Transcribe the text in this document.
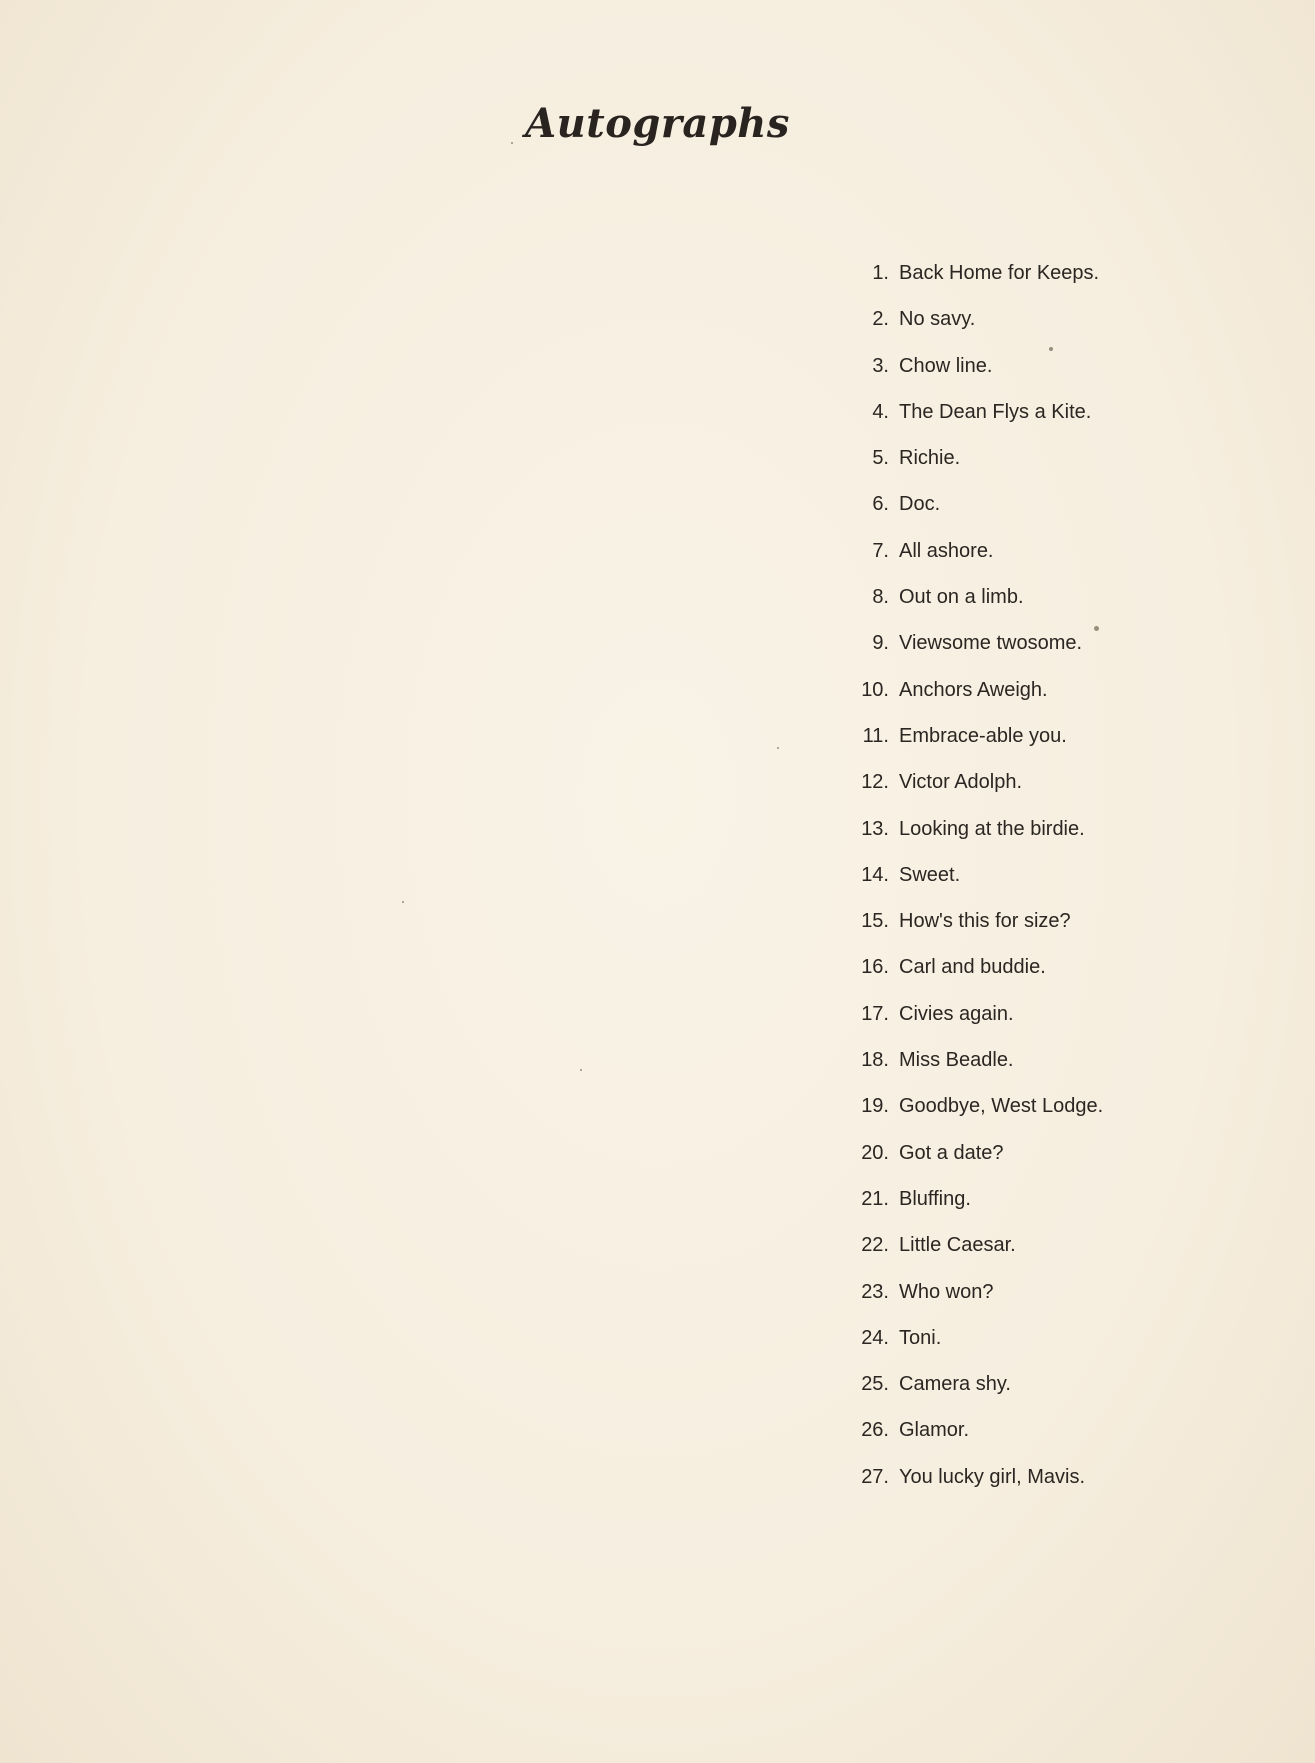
Autographs
1. Back Home for Keeps.
2. No savy.
3. Chow line.
4. The Dean Flys a Kite.
5. Richie.
6. Doc.
7. All ashore.
8. Out on a limb.
9. Viewsome twosome.
10. Anchors Aweigh.
11. Embrace-able you.
12. Victor Adolph.
13. Looking at the birdie.
14. Sweet.
15. How's this for size?
16. Carl and buddie.
17. Civies again.
18. Miss Beadle.
19. Goodbye, West Lodge.
20. Got a date?
21. Bluffing.
22. Little Caesar.
23. Who won?
24. Toni.
25. Camera shy.
26. Glamor.
27. You lucky girl, Mavis.
